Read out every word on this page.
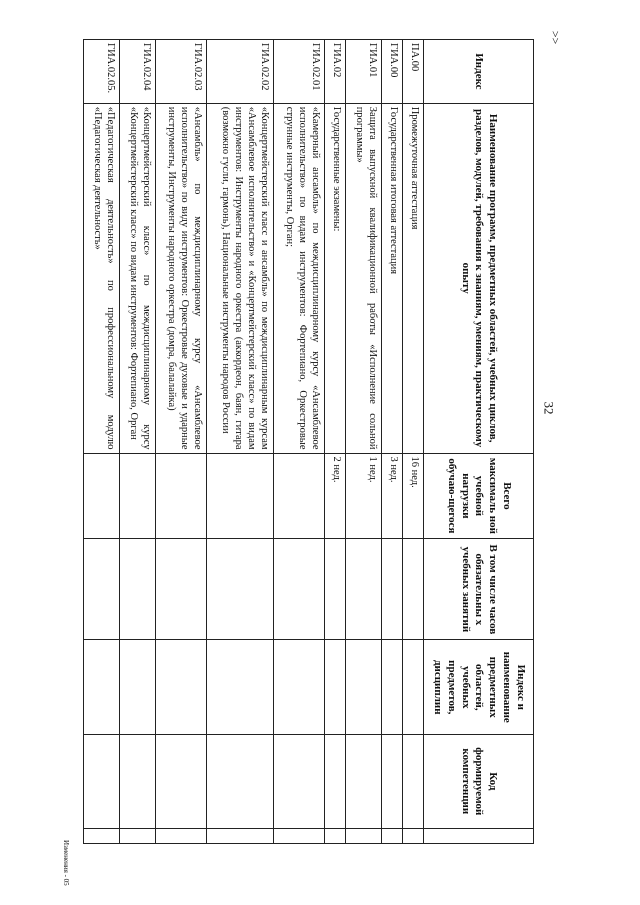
32
>>
Изменения - 05
Индекс	Наименование программ, предметных областей, учебных циклов, разделов, модулей, требования к знаниям, умениям, практическому опыту	Всего максималь ной учебной нагрузки обучаю-щегося	В том числе часов обязательны х учебных занятий	Индекс и наименование предметных областей, учебных предметов, дисциплин	Код формируемой компетенции	
ПА.00	Промежуточная аттестация	16 нед.				
ГИА.00	Государственная итоговая аттестация	3 нед.				
ГИА.01	Защита выпускной квалификационной работы «Исполнение сольной программы»	1 нед.				
ГИА.02	Государственные экзамены:	2 нед.				
ГИА.02.01	«Камерный ансамбль» по междисциплинарному курсу «Ансамблевое исполнительство» по видам инструментов: Фортепиано, Оркестровые струнные инструменты, Орган;					
ГИА.02.02	«Концертмейстерский класс и ансамбль» по междисциплинарным курсам «Ансамблевое исполнительство» и «Концертмейстерский класс» по видам инструментов: Инструменты народного оркестра (аккордеон, баян, гитара (возможно гусли, гармонь), Национальные инструменты народов России					
ГИА.02.03	«Ансамбль» по междисциплинарному курсу «Ансамблевое исполнительство» по виду инструментов: Оркестровые духовые и ударные инструменты, Инструменты народного оркестра (домра, балалайка)					
ГИА.02.04	«Концертмейстерский класс» по междисциплинарному курсу «Концертмейстерский класс» по видам инструментов: Фортепиано, Орган					
ГИА.02.05.	«Педагогическая деятельность» по профессиональному модулю «Педагогическая деятельность»					
